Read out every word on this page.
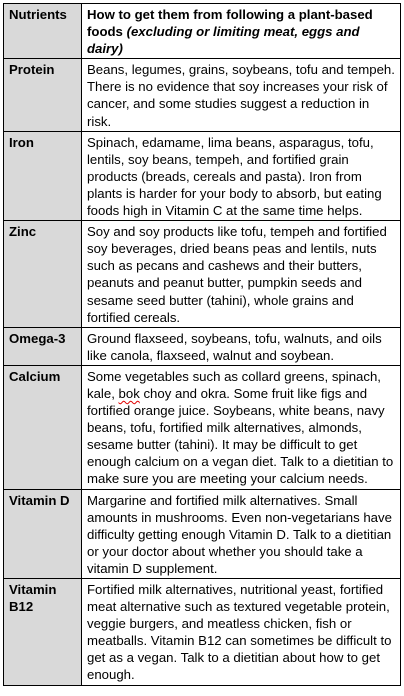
Nutrients	How to get them from following a plant-based foods (excluding or limiting meat, eggs and dairy)
Protein	Beans, legumes, grains, soybeans, tofu and tempeh. There is no evidence that soy increases your risk of cancer, and some studies suggest a reduction in risk.
Iron	Spinach, edamame, lima beans, asparagus, tofu, lentils, soy beans, tempeh, and fortified grain products (breads, cereals and pasta). Iron from plants is harder for your body to absorb, but eating foods high in Vitamin C at the same time helps.
Zinc	Soy and soy products like tofu, tempeh and fortified soy beverages, dried beans peas and lentils, nuts such as pecans and cashews and their butters, peanuts and peanut butter, pumpkin seeds and sesame seed butter (tahini), whole grains and fortified cereals.
Omega-3	Ground flaxseed, soybeans, tofu, walnuts, and oils like canola, flaxseed, walnut and soybean.
Calcium	Some vegetables such as collard greens, spinach, kale, bok choy and okra. Some fruit like figs and fortified orange juice. Soybeans, white beans, navy beans, tofu, fortified milk alternatives, almonds, sesame butter (tahini). It may be difficult to get enough calcium on a vegan diet. Talk to a dietitian to make sure you are meeting your calcium needs.
Vitamin D	Margarine and fortified milk alternatives. Small amounts in mushrooms. Even non-vegetarians have difficulty getting enough Vitamin D. Talk to a dietitian or your doctor about whether you should take a vitamin D supplement.
Vitamin B12	Fortified milk alternatives, nutritional yeast, fortified meat alternative such as textured vegetable protein, veggie burgers, and meatless chicken, fish or meatballs. Vitamin B12 can sometimes be difficult to get as a vegan. Talk to a dietitian about how to get enough.
